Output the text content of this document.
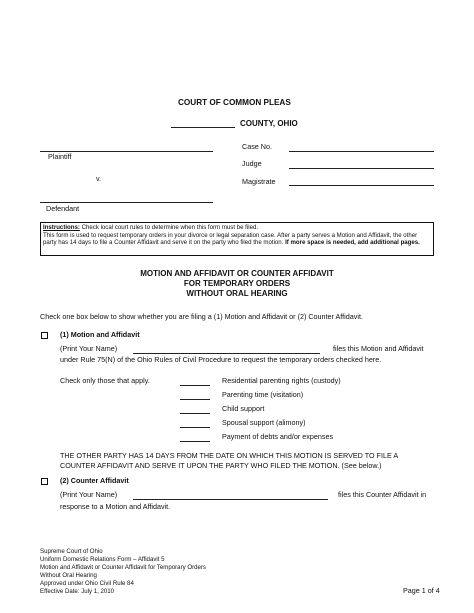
COURT OF COMMON PLEAS
COUNTY, OHIO
Plaintiff
v.
Defendant
Case No.
Judge
Magistrate
Instructions: Check local court rules to determine when this form must be filed.
This form is used to request temporary orders in your divorce or legal separation case. After a party serves a Motion and Affidavit, the other party has 14 days to file a Counter Affidavit and serve it on the party who filed the motion. If more space is needed, add additional pages.
MOTION AND AFFIDAVIT OR COUNTER AFFIDAVIT
FOR TEMPORARY ORDERS
WITHOUT ORAL HEARING
Check one box below to show whether you are filing a (1) Motion and Affidavit or (2) Counter Affidavit.
(1) Motion and Affidavit
(Print Your Name)	files this Motion and Affidavit
under Rule 75(N) of the Ohio Rules of Civil Procedure to request the temporary orders checked here.
Check only those that apply.	Residential parenting rights (custody)
Parenting time (visitation)
Child support
Spousal support (alimony)
Payment of debts and/or expenses
THE OTHER PARTY HAS 14 DAYS FROM THE DATE ON WHICH THIS MOTION IS SERVED TO FILE A
COUNTER AFFIDAVIT AND SERVE IT UPON THE PARTY WHO FILED THE MOTION. (See below.)
(2) Counter Affidavit
(Print Your Name)	files this Counter Affidavit in
response to a Motion and Affidavit.
Supreme Court of Ohio
Uniform Domestic Relations Form – Affidavit 5
Motion and Affidavit or Counter Affidavit for Temporary Orders
Without Oral Hearing
Approved under Ohio Civil Rule 84
Effective Date: July 1, 2010	Page 1 of 4
